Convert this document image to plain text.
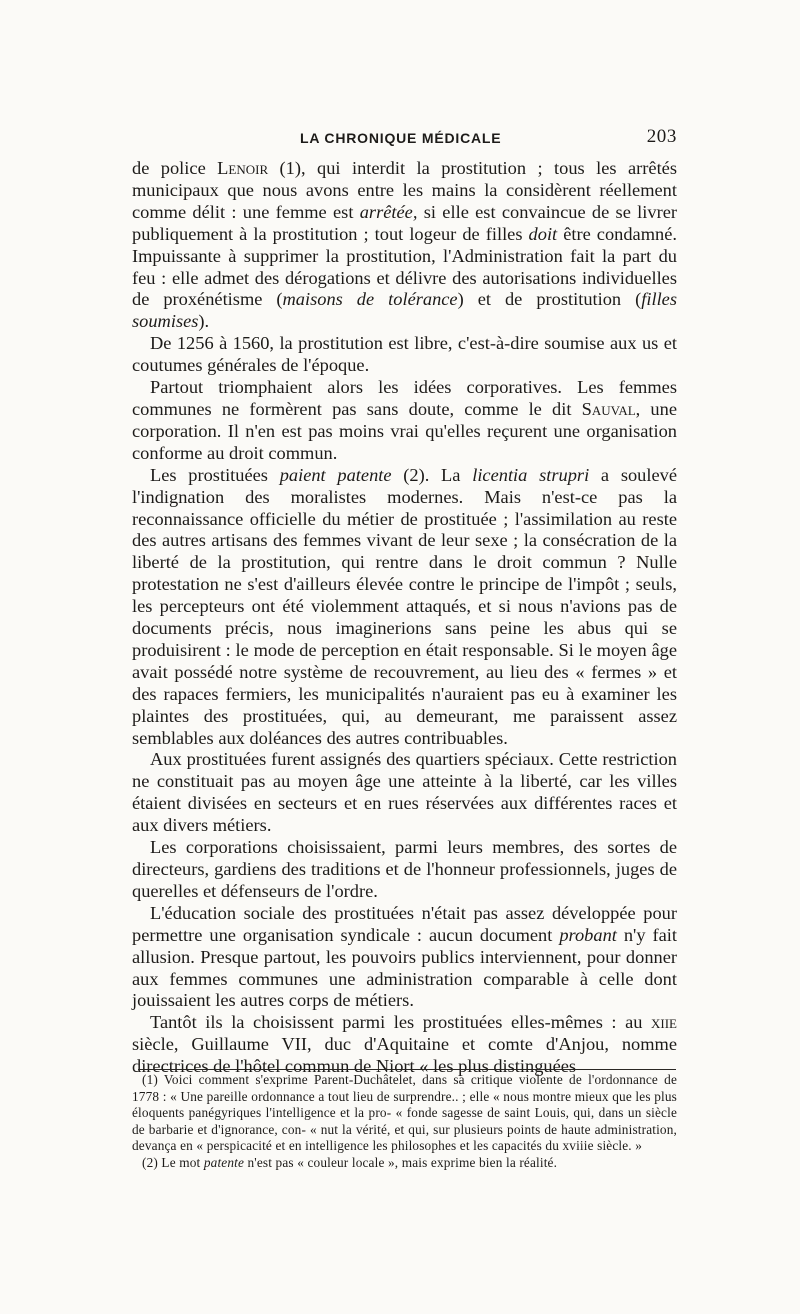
LA CHRONIQUE MÉDICALE	203

de police Lenoir (1), qui interdit la prostitution ; tous les arrêtés municipaux que nous avons entre les mains la considèrent réellement comme délit : une femme est arrêtée, si elle est convaincue de se livrer publiquement à la prostitution ; tout logeur de filles doit être condamné. Impuissante à supprimer la prostitution, l'Administration fait la part du feu : elle admet des dérogations et délivre des autorisations individuelles de proxénétisme (maisons de tolérance) et de prostitution (filles soumises).

De 1256 à 1560, la prostitution est libre, c'est-à-dire soumise aux us et coutumes générales de l'époque.

Partout triomphaient alors les idées corporatives. Les femmes communes ne formèrent pas sans doute, comme le dit Sauval, une corporation. Il n'en est pas moins vrai qu'elles reçurent une organisation conforme au droit commun.

Les prostituées paient patente (2). La licentia strupri a soulevé l'indignation des moralistes modernes. Mais n'est-ce pas la reconnaissance officielle du métier de prostituée ; l'assimilation au reste des autres artisans des femmes vivant de leur sexe ; la consécration de la liberté de la prostitution, qui rentre dans le droit commun ? Nulle protestation ne s'est d'ailleurs élevée contre le principe de l'impôt ; seuls, les percepteurs ont été violemment attaqués, et si nous n'avions pas de documents précis, nous imaginerions sans peine les abus qui se produisirent : le mode de perception en était responsable. Si le moyen âge avait possédé notre système de recouvrement, au lieu des « fermes » et des rapaces fermiers, les municipalités n'auraient pas eu à examiner les plaintes des prostituées, qui, au demeurant, me paraissent assez semblables aux doléances des autres contribuables.

Aux prostituées furent assignés des quartiers spéciaux. Cette restriction ne constituait pas au moyen âge une atteinte à la liberté, car les villes étaient divisées en secteurs et en rues réservées aux différentes races et aux divers métiers.

Les corporations choisissaient, parmi leurs membres, des sortes de directeurs, gardiens des traditions et de l'honneur professionnels, juges de querelles et défenseurs de l'ordre.

L'éducation sociale des prostituées n'était pas assez développée pour permettre une organisation syndicale : aucun document probant n'y fait allusion. Presque partout, les pouvoirs publics interviennent, pour donner aux femmes communes une administration comparable à celle dont jouissaient les autres corps de métiers.

Tantôt ils la choisissent parmi les prostituées elles-mêmes : au xiie siècle, Guillaume VII, duc d'Aquitaine et comte d'Anjou, nomme directrices de l'hôtel commun de Niort « les plus distinguées

(1) Voici comment s'exprime Parent-Duchâtelet, dans sa critique violente de l'ordonnance de 1778 : « Une pareille ordonnance a tout lieu de surprendre.. ; elle « nous montre mieux que les plus éloquents panégyriques l'intelligence et la pro- « fonde sagesse de saint Louis, qui, dans un siècle de barbarie et d'ignorance, con- « nut la vérité, et qui, sur plusieurs points de haute administration, devança en « perspicacité et en intelligence les philosophes et les capacités du xviiie siècle. »

(2) Le mot patente n'est pas « couleur locale », mais exprime bien la réalité.
